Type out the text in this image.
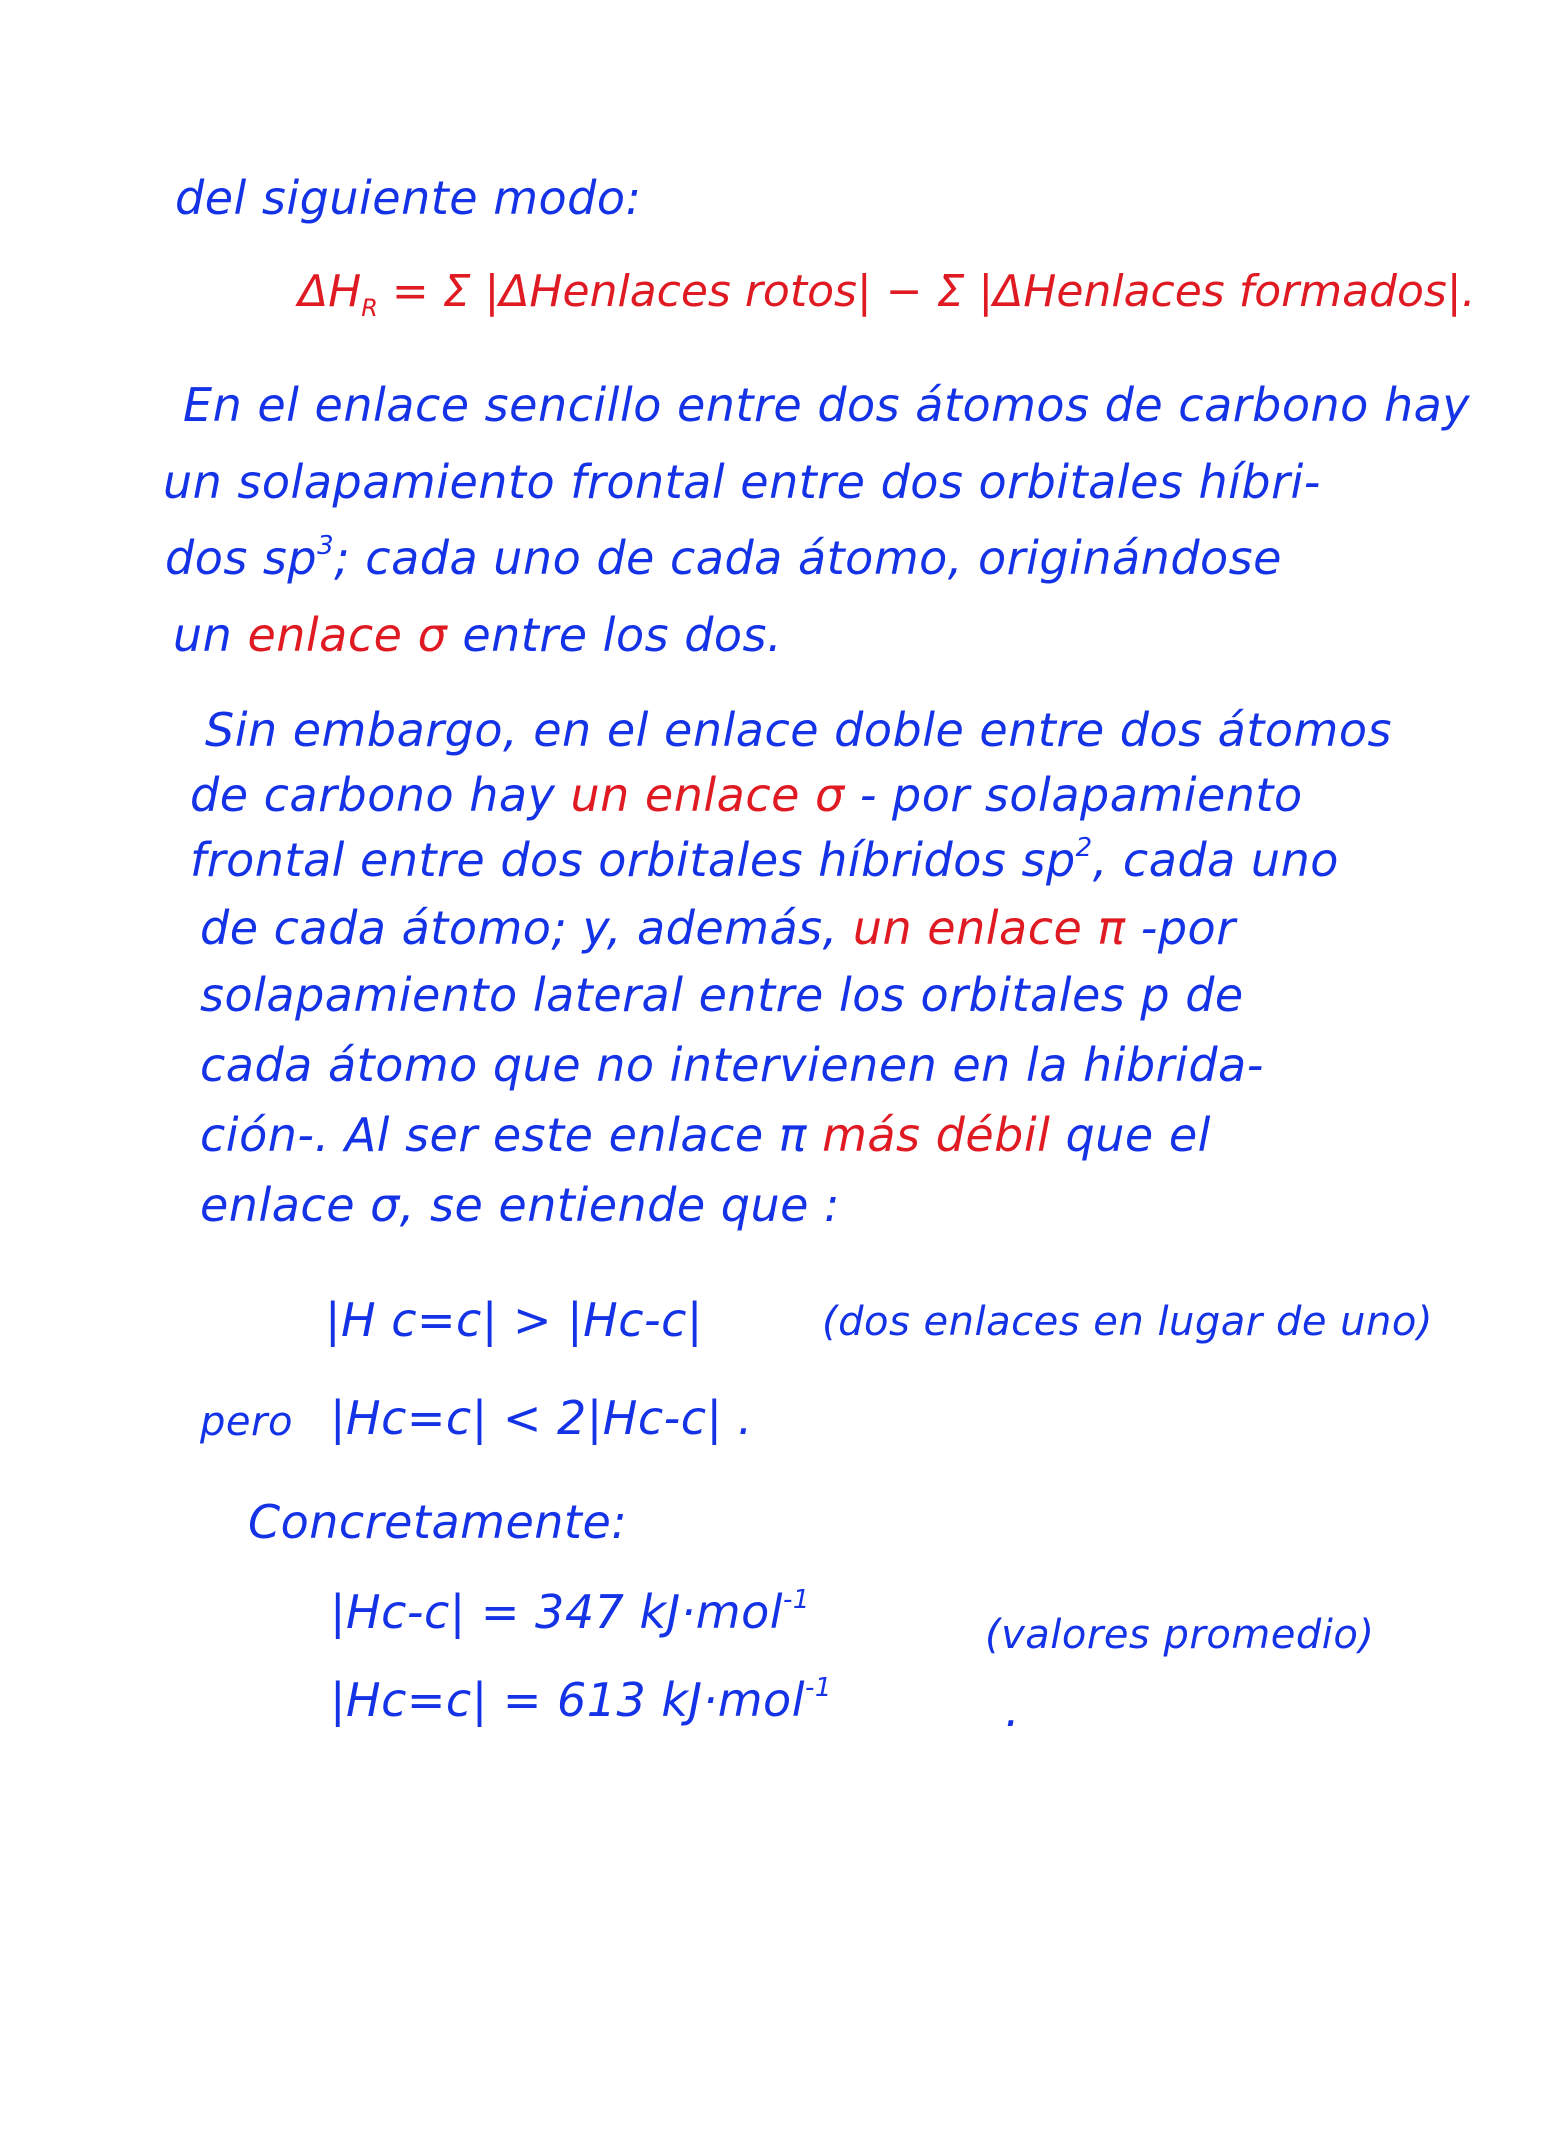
del siguiente modo:
$\Delta H_R = \Sigma$ |ΔHenlaces rotos| − Σ |ΔHenlaces formados|.
En el enlace sencillo entre dos átomos de carbono hay
un solapamiento frontal entre dos orbitales híbri-
dos $sp^3$; cada uno de cada átomo, originándose
un enlace σ entre los dos.
Sin embargo, en el enlace doble entre dos átomos
de carbono hay un enlace σ - por solapamiento
frontal entre dos orbitales híbridos $sp^2$, cada uno
de cada átomo; y, además, un enlace π -por
solapamiento lateral entre los orbitales p de
cada átomo que no intervienen en la hibrida-
ción-. Al ser este enlace π más débil que el
enlace σ, se entiende que :
|H c=c| > |Hc-c|	(dos enlaces en lugar de uno)
pero |Hc=c| < 2|Hc-c| .
Concretamente:
|Hc-c| = 347 kJ·mol$^{-1}$
|Hc=c| = 613 kJ·mol$^{-1}$
(valores promedio)
.
